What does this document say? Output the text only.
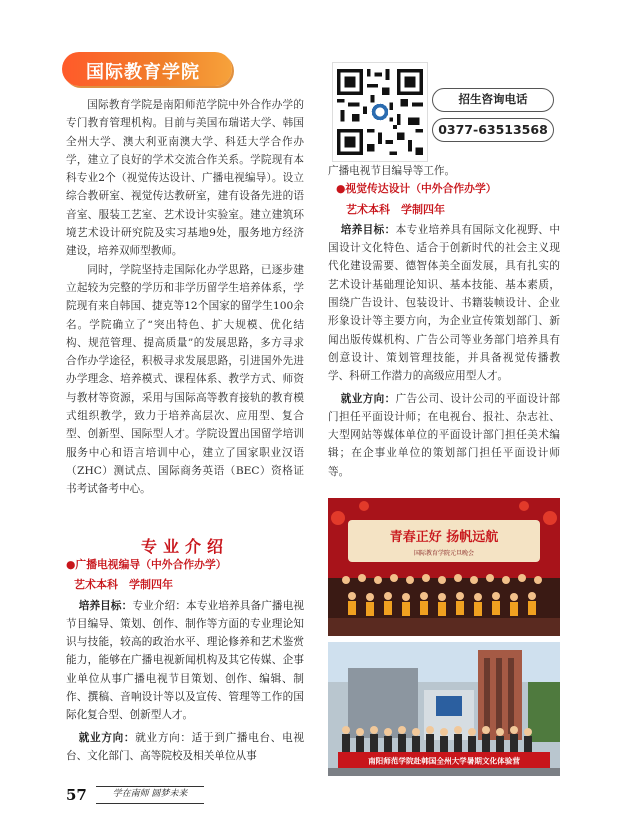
国际教育学院
招生咨询电话
0377-63513568

国际教育学院是南阳师范学院中外合作办学的专门教育管理机构。目前与美国布瑞诺大学、韩国全州大学、澳大利亚南澳大学、科廷大学合作办学，建立了良好的学术交流合作关系。学院现有本科专业2个（视觉传达设计、广播电视编导）。设立综合教研室、视觉传达教研室，建有设备先进的语音室、服装工艺室、艺术设计实验室。建立建筑环境艺术设计研究院及实习基地9处，服务地方经济建设，培养双师型教师。

同时，学院坚持走国际化办学思路，已逐步建立起较为完整的学历和非学历留学生培养体系，学院现有来自韩国、捷克等12个国家的留学生100余名。学院确立了“突出特色、扩大规模、优化结构、规范管理、提高质量”的发展思路，多方寻求合作办学途径，积极寻求发展思路，引进国外先进办学理念、培养模式、课程体系、教学方式、师资与教材等资源，采用与国际高等教育接轨的教育模式组织教学，致力于培养高层次、应用型、复合型、创新型、国际型人才。学院设置出国留学培训服务中心和语言培训中心，建立了国家职业汉语（ZHC）测试点、国际商务英语（BEC）资格证书考试备考中心。

专业介绍
●广播电视编导（中外合作办学）
艺术本科　学制四年
培养目标：专业介绍：本专业培养具备广播电视节目编导、策划、创作、制作等方面的专业理论知识与技能，较高的政治水平、理论修养和艺术鉴赏能力，能够在广播电视新闻机构及其它传媒、企事业单位从事广播电视节目策划、创作、编辑、制作、撰稿、音响设计等以及宣传、管理等工作的国际化复合型、创新型人才。
就业方向：就业方向：适于到广播电台、电视台、文化部门、高等院校及相关单位从事
广播电视节目编导等工作。
●视觉传达设计（中外合作办学）
艺术本科　学制四年
培养目标：本专业培养具有国际文化视野、中国设计文化特色、适合于创新时代的社会主义现代化建设需要、德智体美全面发展，具有扎实的艺术设计基础理论知识、基本技能、基本素质，围绕广告设计、包装设计、书籍装帧设计、企业形象设计等主要方向，为企业宣传策划部门、新闻出版传媒机构、广告公司等业务部门培养具有创意设计、策划管理技能，并具备视觉传播教学、科研工作潜力的高级应用型人才。
就业方向：广告公司、设计公司的平面设计部门担任平面设计师；在电视台、报社、杂志社、大型网站等媒体单位的平面设计部门担任美术编辑；在企事业单位的策划部门担任平面设计师等。
青春正好 扬帆远航
国际教育学院元旦晚会
南阳师范学院赴韩国全州大学暑期文化体验营
57	学在南师 圆梦未来
